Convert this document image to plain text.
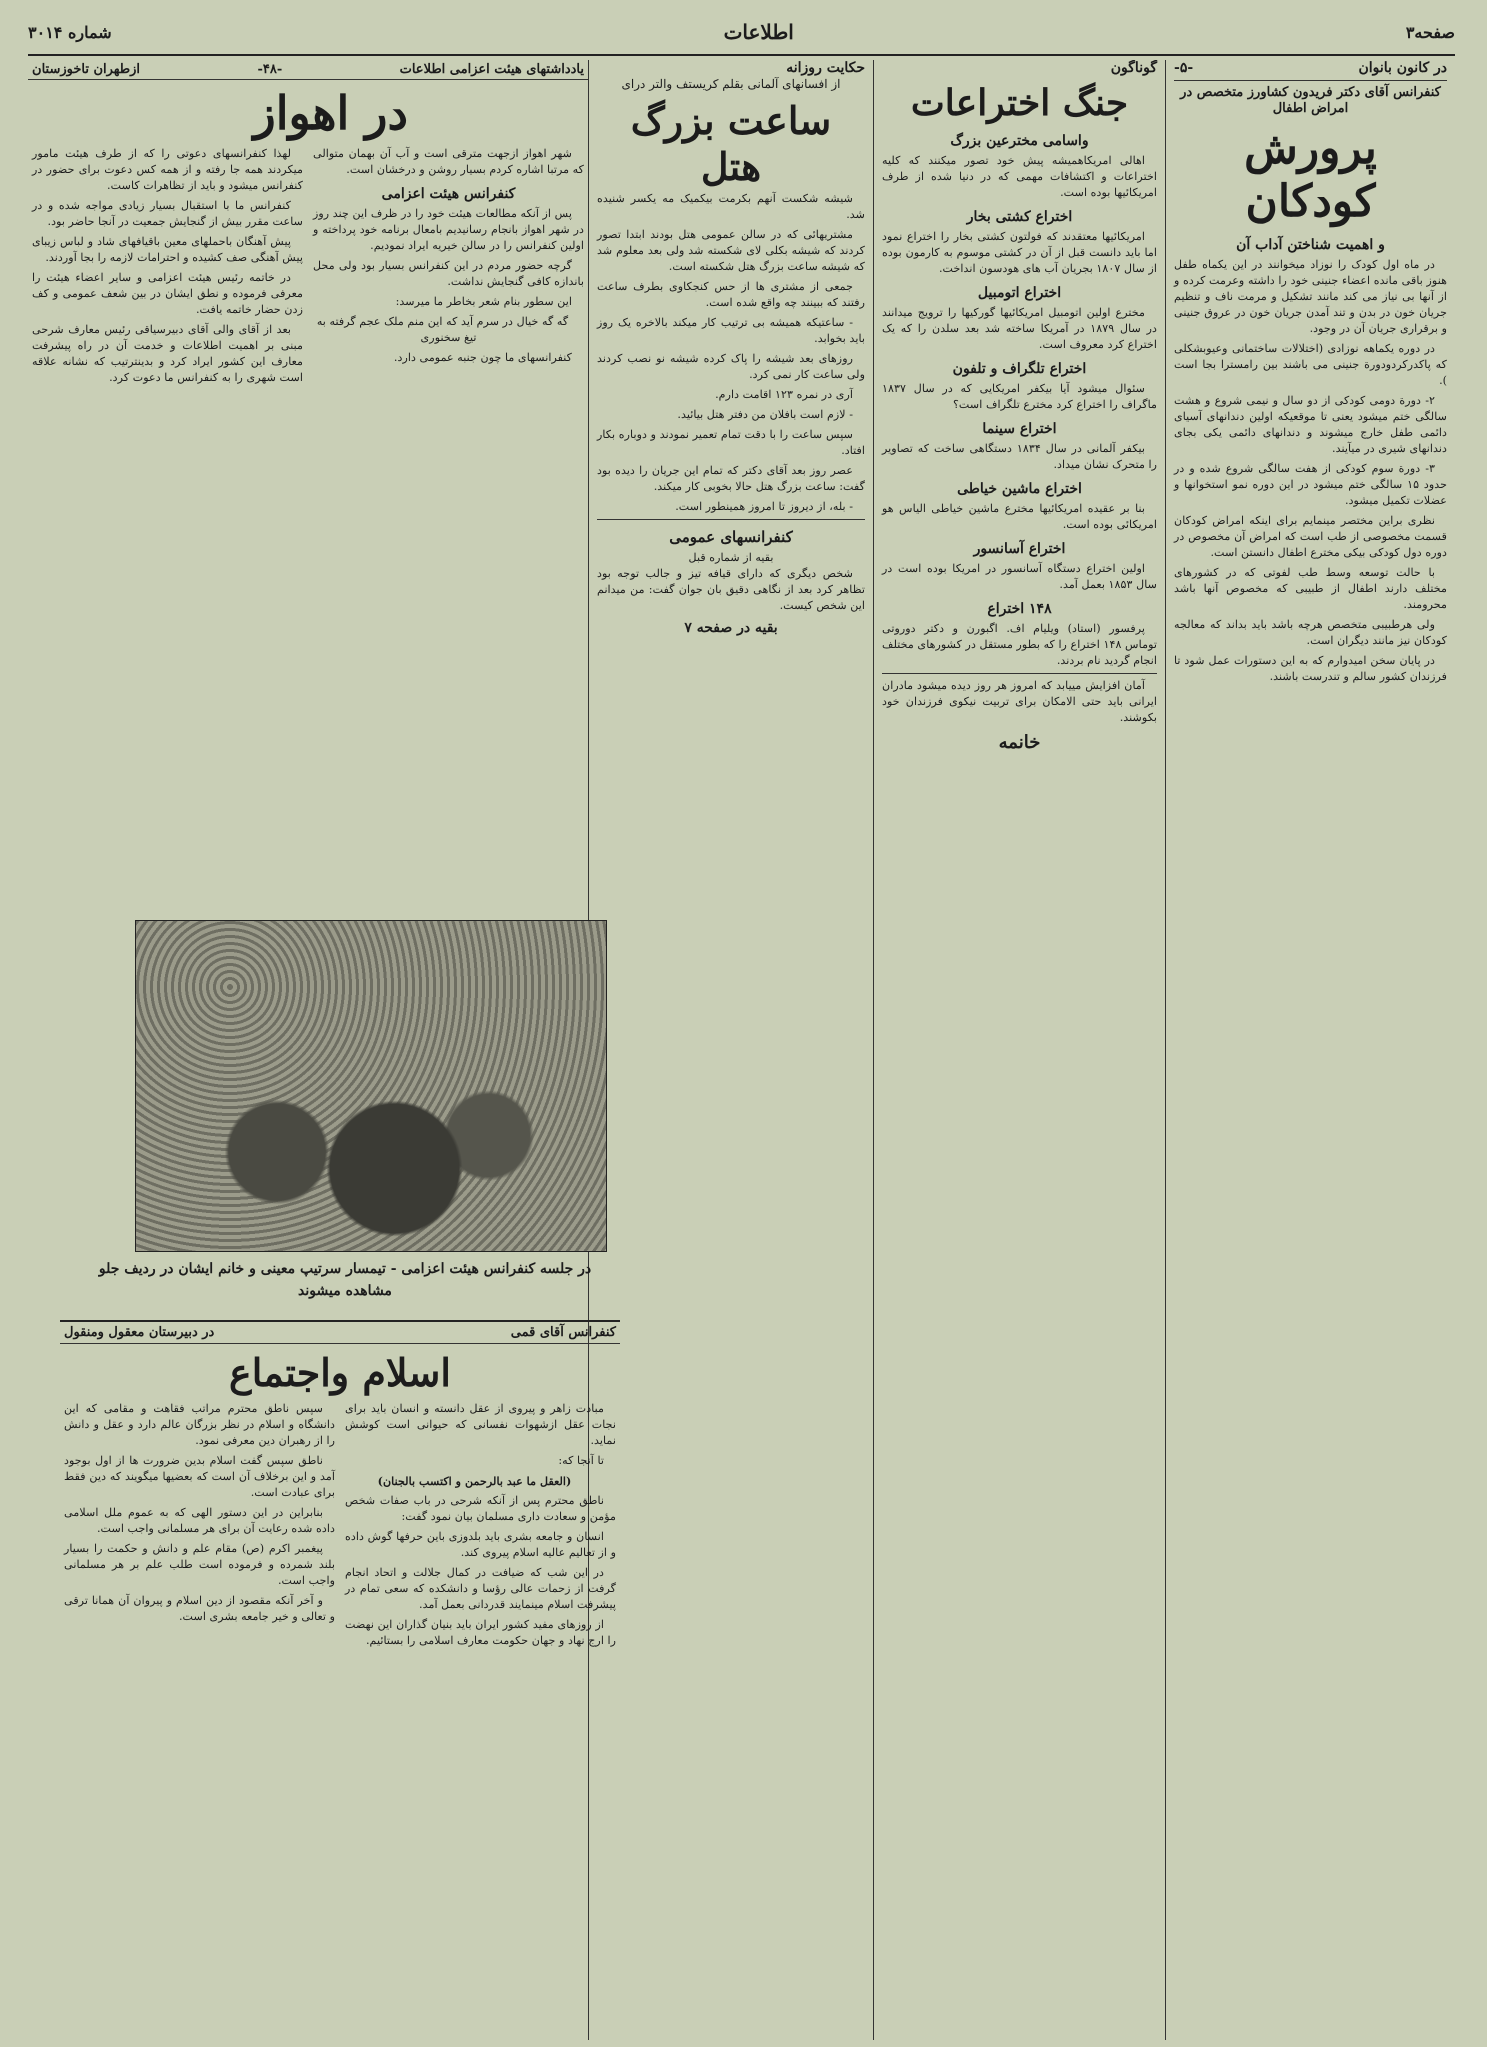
صفحه۳
اطلاعات
شماره ۳۰۱۴
در کانون بانوان
-۵-
کنفرانس آقای دکتر فریدون کشاورز متخصص در امراض اطفال
پرورش کودکان
و اهمیت شناختن آداب آن

در ماه اول کودک را نوزاد میخوانند در این یکماه طفل هنوز باقی مانده اعضاء جنینی خود را داشته وعرمت کرده و از آنها بی نیاز می کند مانند تشکیل و مرمت ناف و تنظیم جریان خون در بدن و تند آمدن جریان خون در عروق جنینی و برقراری جریان آن در وجود.

در دوره یکماهه نوزادی (اختلالات ساختمانی وعیوبشکلی که پاکدرکردودورة جنینی می باشند بین رامسترا بجا است ).

۲- دورة دومی کودکی از دو سال و نیمی شروع و هشت سالگی ختم میشود یعنی تا موقعیکه اولین دندانهای آسیای دائمی طفل خارج میشوند و دندانهای دائمی یکی بجای دندانهای شیری در میآیند.

۳- دورة سوم کودکی از هفت سالگی شروع شده و در حدود ۱۵ سالگی ختم میشود در این دوره نمو استخوانها و عضلات تکمیل میشود.

نظری براین مختصر مینمایم برای اینکه امراض کودکان قسمت مخصوصی از طب است که امراض آن مخصوص در دوره دول کودکی بیکی مخترع اطفال دانستن است.

با حالت توسعه وسط طب لفوتی که در کشورهای مختلف دارند اطفال از طبیبی که مخصوص آنها باشد محرومند.

ولی هرطبیبی متخصص هرچه باشد باید بداند که معالجه کودکان نیز مانند دیگران است.

در پایان سخن امیدوارم که به این دستورات عمل شود تا فرزندان کشور سالم و تندرست باشند.

گوناگون
جنگ اختراعات
واسامی مخترعین بزرگ

اهالی امریکاهمیشه پیش خود تصور میکنند که کلیه اختراعات و اکتشافات مهمی که در دنیا شده از طرف امریکائیها بوده است.

اختراع کشتی بخار

امریکائیها معتقدند که فولتون کشتی بخار را اختراع نمود اما باید دانست قبل از آن در کشتی موسوم به کارمون بوده از سال ۱۸۰۷ بجریان آب های هودسون انداخت.

اختراع اتومبیل

مخترع اولین اتومبیل امریکائیها گورکیها را ترویج میدانند در سال ۱۸۷۹ در آمریکا ساخته شد بعد سلدن را که یک اختراع کرد معروف است.

اختراع تلگراف و تلفون

سئوال میشود آیا بیکفر امریکایی که در سال ۱۸۳۷ ماگراف را اختراع کرد مخترع تلگراف است؟

اختراع سینما

بیکفر آلمانی در سال ۱۸۳۴ دستگاهی ساخت که تصاویر را متحرک نشان میداد.

اختراع ماشین خیاطی

بنا بر عقیده امریکائیها مخترع ماشین خیاطی الیاس هو امریکائی بوده است.

اختراع آسانسور

اولین اختراع دستگاه آسانسور در امریکا بوده است در سال ۱۸۵۳ بعمل آمد.

۱۴۸ اختراع

پرفسور (استاد) ویلیام اف. اگبورن و دکتر دوروتی توماس ۱۴۸ اختراع را که بطور مستقل در کشورهای مختلف انجام گردید نام بردند.

آمان افزایش مییابد که امروز هر روز دیده میشود مادران ایرانی باید حتی الامکان برای تربیت نیکوی فرزندان خود بکوشند.

خانمه
حکایت روزانه
از افسانهای آلمانی بقلم کریستف والتر درای
ساعت بزرگ هتل

شیشه شکست آنهم بکرمت بیکمیک مه یکسر شنیده شد.

مشتریهائی که در سالن عمومی هتل بودند ابتدا تصور کردند که شیشه بکلی لای شکسته شد ولی بعد معلوم شد که شیشه ساعت بزرگ هتل شکسته است.

جمعی از مشتری ها از حس کنجکاوی بطرف ساعت رفتند که ببینند چه واقع شده است.

- ساعتیکه همیشه بی ترتیب کار میکند بالاخره یک روز باید بخوابد.

روزهای بعد شیشه را پاک کرده شیشه نو نصب کردند ولی ساعت کار نمی کرد.

آری در نمره ۱۲۳ اقامت دارم.

- لازم است بافلان من دفتر هتل بیائید.

سپس ساعت را با دقت تمام تعمیر نمودند و دوباره بکار افتاد.

عصر روز بعد آقای دکتر که تمام این جریان را دیده بود گفت: ساعت بزرگ هتل حالا بخوبی کار میکند.

- بله، از دیروز تا امروز همینطور است.

کنفرانسهای عمومی
بقیه از شماره قبل

شخص دیگری که دارای قیافه تیز و جالب توجه بود تظاهر کرد بعد از نگاهی دقیق بان جوان گفت: من میدانم این شخص کیست.

بقیه در صفحه ۷
یادداشتهای هیئت اعزامی اطلاعات
-۴۸-
ازطهران تاخوزستان
در اهواز

شهر اهواز ازجهت مترقی است و آب آن بهمان متوالی که مرتبا اشاره کردم بسیار روشن و درخشان است.

کنفرانس هیئت اعزامی

پس از آنکه مطالعات هیئت خود را در ظرف این چند روز در شهر اهواز بانجام رسانیدیم بامعال برنامه خود پرداخته و اولین کنفرانس را در سالن خیریه ایراد نمودیم.

گرچه حضور مردم در این کنفرانس بسیار بود ولی محل باندازه کافی گنجایش نداشت.

این سطور بنام شعر بخاطر ما میرسد:

گه گه خیال در سرم آید که این منم ملک عجم گرفته به تیغ سخنوری

کنفرانسهای ما چون جنبه عمومی دارد.

لهذا کنفرانسهای دعوتی را که از طرف هیئت مامور میکردند همه جا رفته و از همه کس دعوت برای حضور در کنفرانس میشود و باید از تظاهرات کاست.

کنفرانس ما با استقبال بسیار زیادی مواجه شده و در ساعت مقرر بیش از گنجایش جمعیت در آنجا حاضر بود.

پیش آهنگان باحملهای معین باقیافهای شاد و لباس زیبای پیش آهنگی صف کشیده و احترامات لازمه را بجا آوردند.

در خاتمه رئیس هیئت اعزامی و سایر اعضاء هیئت را معرفی فرموده و نطق ایشان در بین شعف عمومی و کف زدن حضار خاتمه یافت.

بعد از آقای والی آقای دبیرسیاقی رئیس معارف شرحی مبنی بر اهمیت اطلاعات و خدمت آن در راه پیشرفت معارف این کشور ایراد کرد و بدینترتیب که نشانه علاقه است شهری را به کنفرانس ما دعوت کرد.

در جلسه کنفرانس هیئت اعزامی - تیمسار سرتیپ معینی و خانم ایشان در ردیف جلو مشاهده میشوند
کنفرانس آقای قمی
در دبیرستان معقول ومنقول
اسلام واجتماع

مبادت زاهر و پیروی از عقل دانسته و انسان باید برای نجات عقل ازشهوات نفسانی که حیوانی است کوشش نماید.

تا آنجا که:

(العقل ما عبد بالرحمن و اکتسب بالجنان)

ناطق محترم پس از آنکه شرحی در باب صفات شخص مؤمن و سعادت داری مسلمان بیان نمود گفت:

انسان و جامعه بشری باید بلدوزی باین حرفها گوش داده و از تعالیم عالیه اسلام پیروی کند.

در این شب که ضیافت در کمال جلالت و اتحاد انجام گرفت از زحمات عالی رؤسا و دانشکده که سعی تمام در پیشرفت اسلام مینمایند قدردانی بعمل آمد.

از روزهای مفید کشور ایران باید بنیان گذاران این نهضت را ارج نهاد و جهان حکومت معارف اسلامی را بستائیم.

سپس ناطق محترم مراتب فقاهت و مقامی که این دانشگاه و اسلام در نظر بزرگان عالم دارد و عقل و دانش را از رهبران دین معرفی نمود.

ناطق سپس گفت اسلام بدین ضرورت ها از اول بوجود آمد و این برخلاف آن است که بعضیها میگویند که دین فقط برای عبادت است.

بنابراین در این دستور الهی که به عموم ملل اسلامی داده شده رعایت آن برای هر مسلمانی واجب است.

پیغمبر اکرم (ص) مقام علم و دانش و حکمت را بسیار بلند شمرده و فرموده است طلب علم بر هر مسلمانی واجب است.

و آخر آنکه مقصود از دین اسلام و پیروان آن همانا ترقی و تعالی و خیر جامعه بشری است.
